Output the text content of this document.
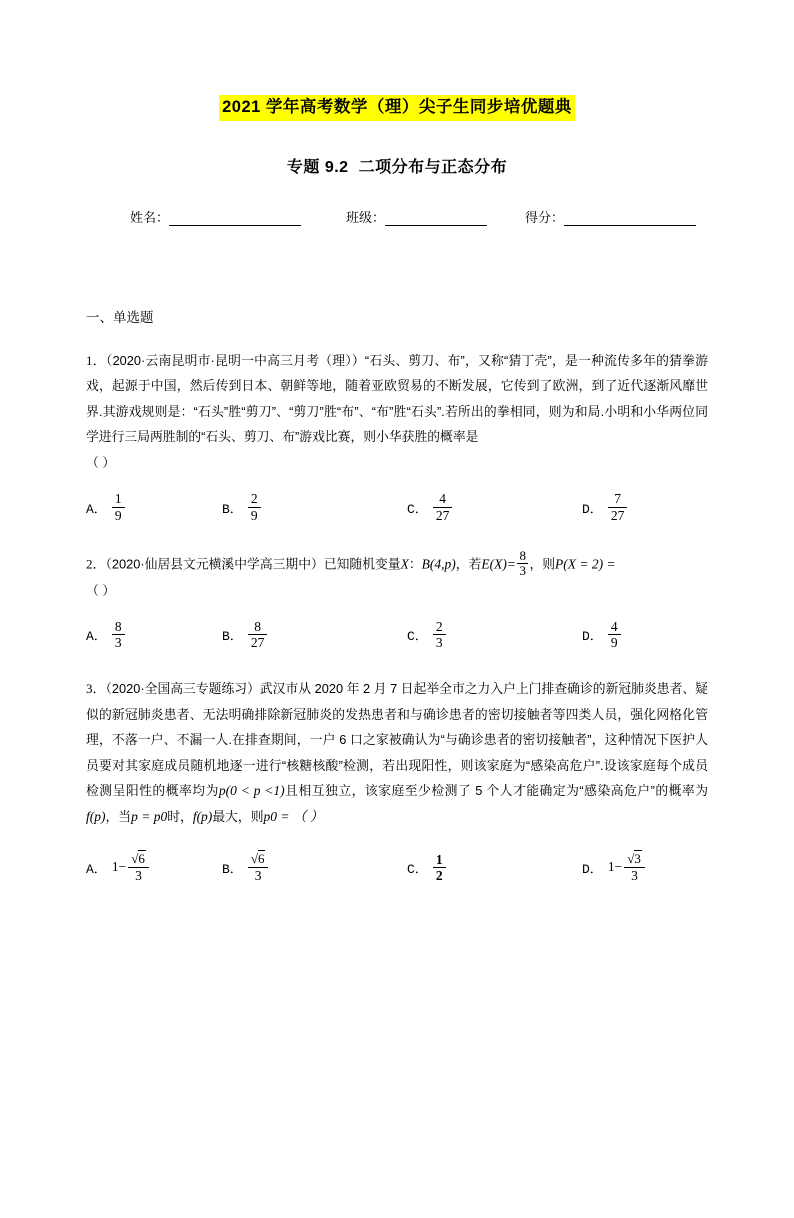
2021 学年高考数学（理）尖子生同步培优题典
专题 9.2 二项分布与正态分布
姓名：	班级：	得分：
一、单选题
1．（2020·云南昆明市·昆明一中高三月考（理））“石头、剪刀、布”，又称“猜丁壳”，是一种流传多年的猜拳游戏，起源于中国，然后传到日本、朝鲜等地，随着亚欧贸易的不断发展，它传到了欧洲，到了近代逐渐风靡世界.其游戏规则是：“石头”胜“剪刀”、“剪刀”胜“布”、“布”胜“石头”.若所出的拳相同，则为和局.小明和小华两位同学进行三局两胜制的“石头、剪刀、布”游戏比赛，则小华获胜的概率是
（ ）
A． $\frac{1}{9}$	B． $\frac{2}{9}$	C． $\frac{4}{27}$	D． $\frac{7}{27}$
2．（2020·仙居县文元横溪中学高三期中）已知随机变量X：B(4,p)，若$E(X)= \frac{8}{3}$ ，则P(X = 2) =
（ ）
A． $\frac{8}{3}$	B． $\frac{8}{27}$	C． $\frac{2}{3}$	D． $\frac{4}{9}$
3．（2020·全国高三专题练习）武汉市从 2020 年 2 月 7 日起举全市之力入户上门排查确诊的新冠肺炎患者、疑似的新冠肺炎患者、无法明确排除新冠肺炎的发热患者和与确诊患者的密切接触者等四类人员，强化网格化管理，不落一户、不漏一人.在排查期间，一户 6 口之家被确认为“与确诊患者的密切接触者”，这种情况下医护人员要对其家庭成员随机地逐一进行“核糖核酸”检测，若出现阳性，则该家庭为“感染高危户”.设该家庭每个成员检测呈阳性的概率均为p(0 < p <1)且相互独立，该家庭至少检测了 5 个人才能确定为“感染高危户”的概率为f(p)，当p = p0时，f(p)最大，则p0 = （ ）
A． $1- \frac{√6}{3}$	B． $\frac{√6}{3}$	C． $\frac{1}{2}$	D． $1- \frac{√3}{3}$
